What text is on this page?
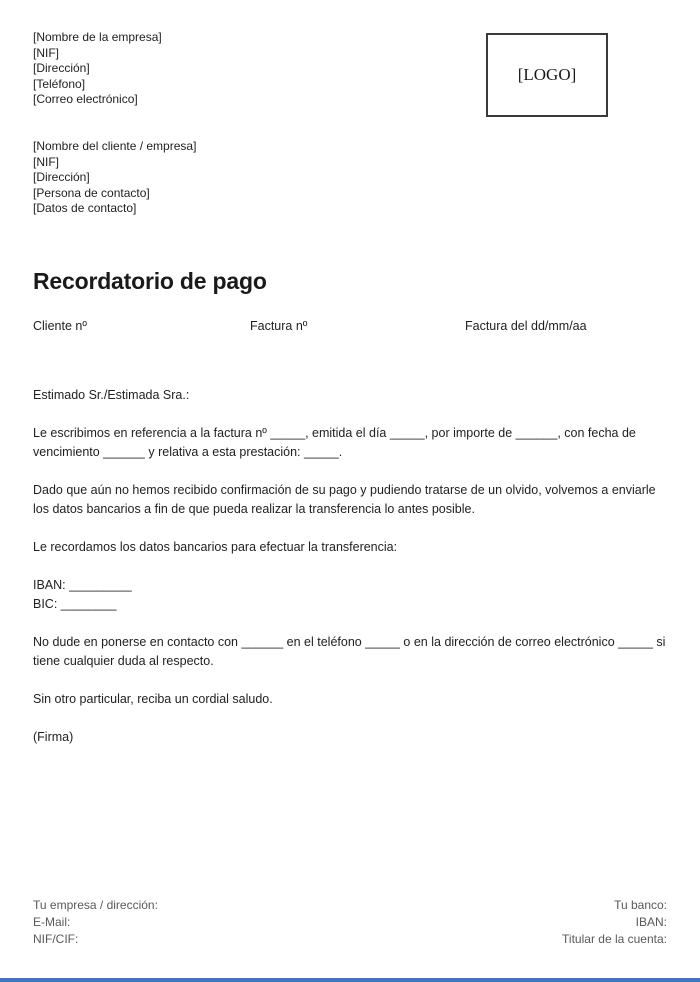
[Nombre de la empresa]
[NIF]
[Dirección]
[Teléfono]
[Correo electrónico]
[LOGO]
[Nombre del cliente / empresa]
[NIF]
[Dirección]
[Persona de contacto]
[Datos de contacto]
Recordatorio de pago
Cliente nº	Factura nº	Factura del dd/mm/aa

Estimado Sr./Estimada Sra.:

Le escribimos en referencia a la factura nº _____, emitida el día _____, por importe de ______, con fecha de vencimiento ______ y relativa a esta prestación: _____.

Dado que aún no hemos recibido confirmación de su pago y pudiendo tratarse de un olvido, volvemos a enviarle los datos bancarios a fin de que pueda realizar la transferencia lo antes posible.

Le recordamos los datos bancarios para efectuar la transferencia:

IBAN: _________

BIC: ________

No dude en ponerse en contacto con ______ en el teléfono _____ o en la dirección de correo electrónico _____ si tiene cualquier duda al respecto.

Sin otro particular, reciba un cordial saludo.

(Firma)

Tu empresa / dirección:
E-Mail:
NIF/CIF:
Tu banco:
IBAN:
Titular de la cuenta:
